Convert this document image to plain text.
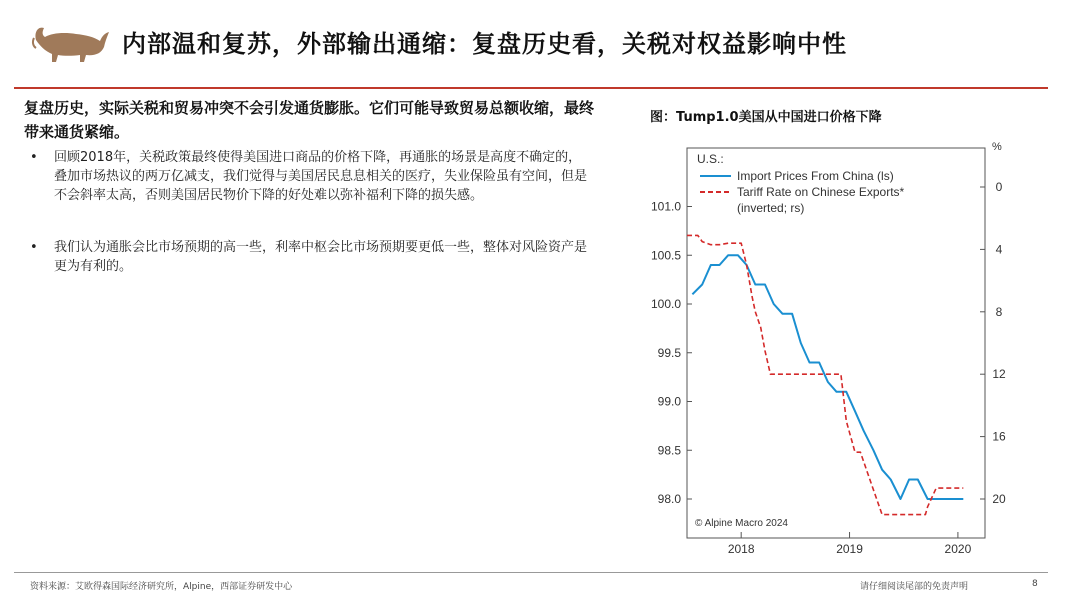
内部温和复苏，外部输出通缩：复盘历史看，关税对权益影响中性
复盘历史，实际关税和贸易冲突不会引发通货膨胀。它们可能导致贸易总额收缩，最终带来通货紧缩。
• 回顾2018年，关税政策最终使得美国进口商品的价格下降，再通胀的场景是高度不确定的，叠加市场热议的两万亿减支，我们觉得与美国居民息息相关的医疗，失业保险虽有空间，但是不会斜率太高，否则美国居民物价下降的好处难以弥补福利下降的损失感。
• 我们认为通胀会比市场预期的高一些，利率中枢会比市场预期要更低一些，整体对风险资产是更为有利的。
图：Tump1.0美国从中国进口价格下降
U.S.:
%
Import Prices From China (ls)
Tariff Rate on Chinese Exports*
(inverted; rs)
© Alpine Macro 2024
98.0
98.5
99.0
99.5
100.0
100.5
101.0
0
4
8
12
16
20
2018	2019	2020
资料来源：艾欧得森国际经济研究所，Alpine，西部证券研发中心	请仔细阅读尾部的免责声明	8
